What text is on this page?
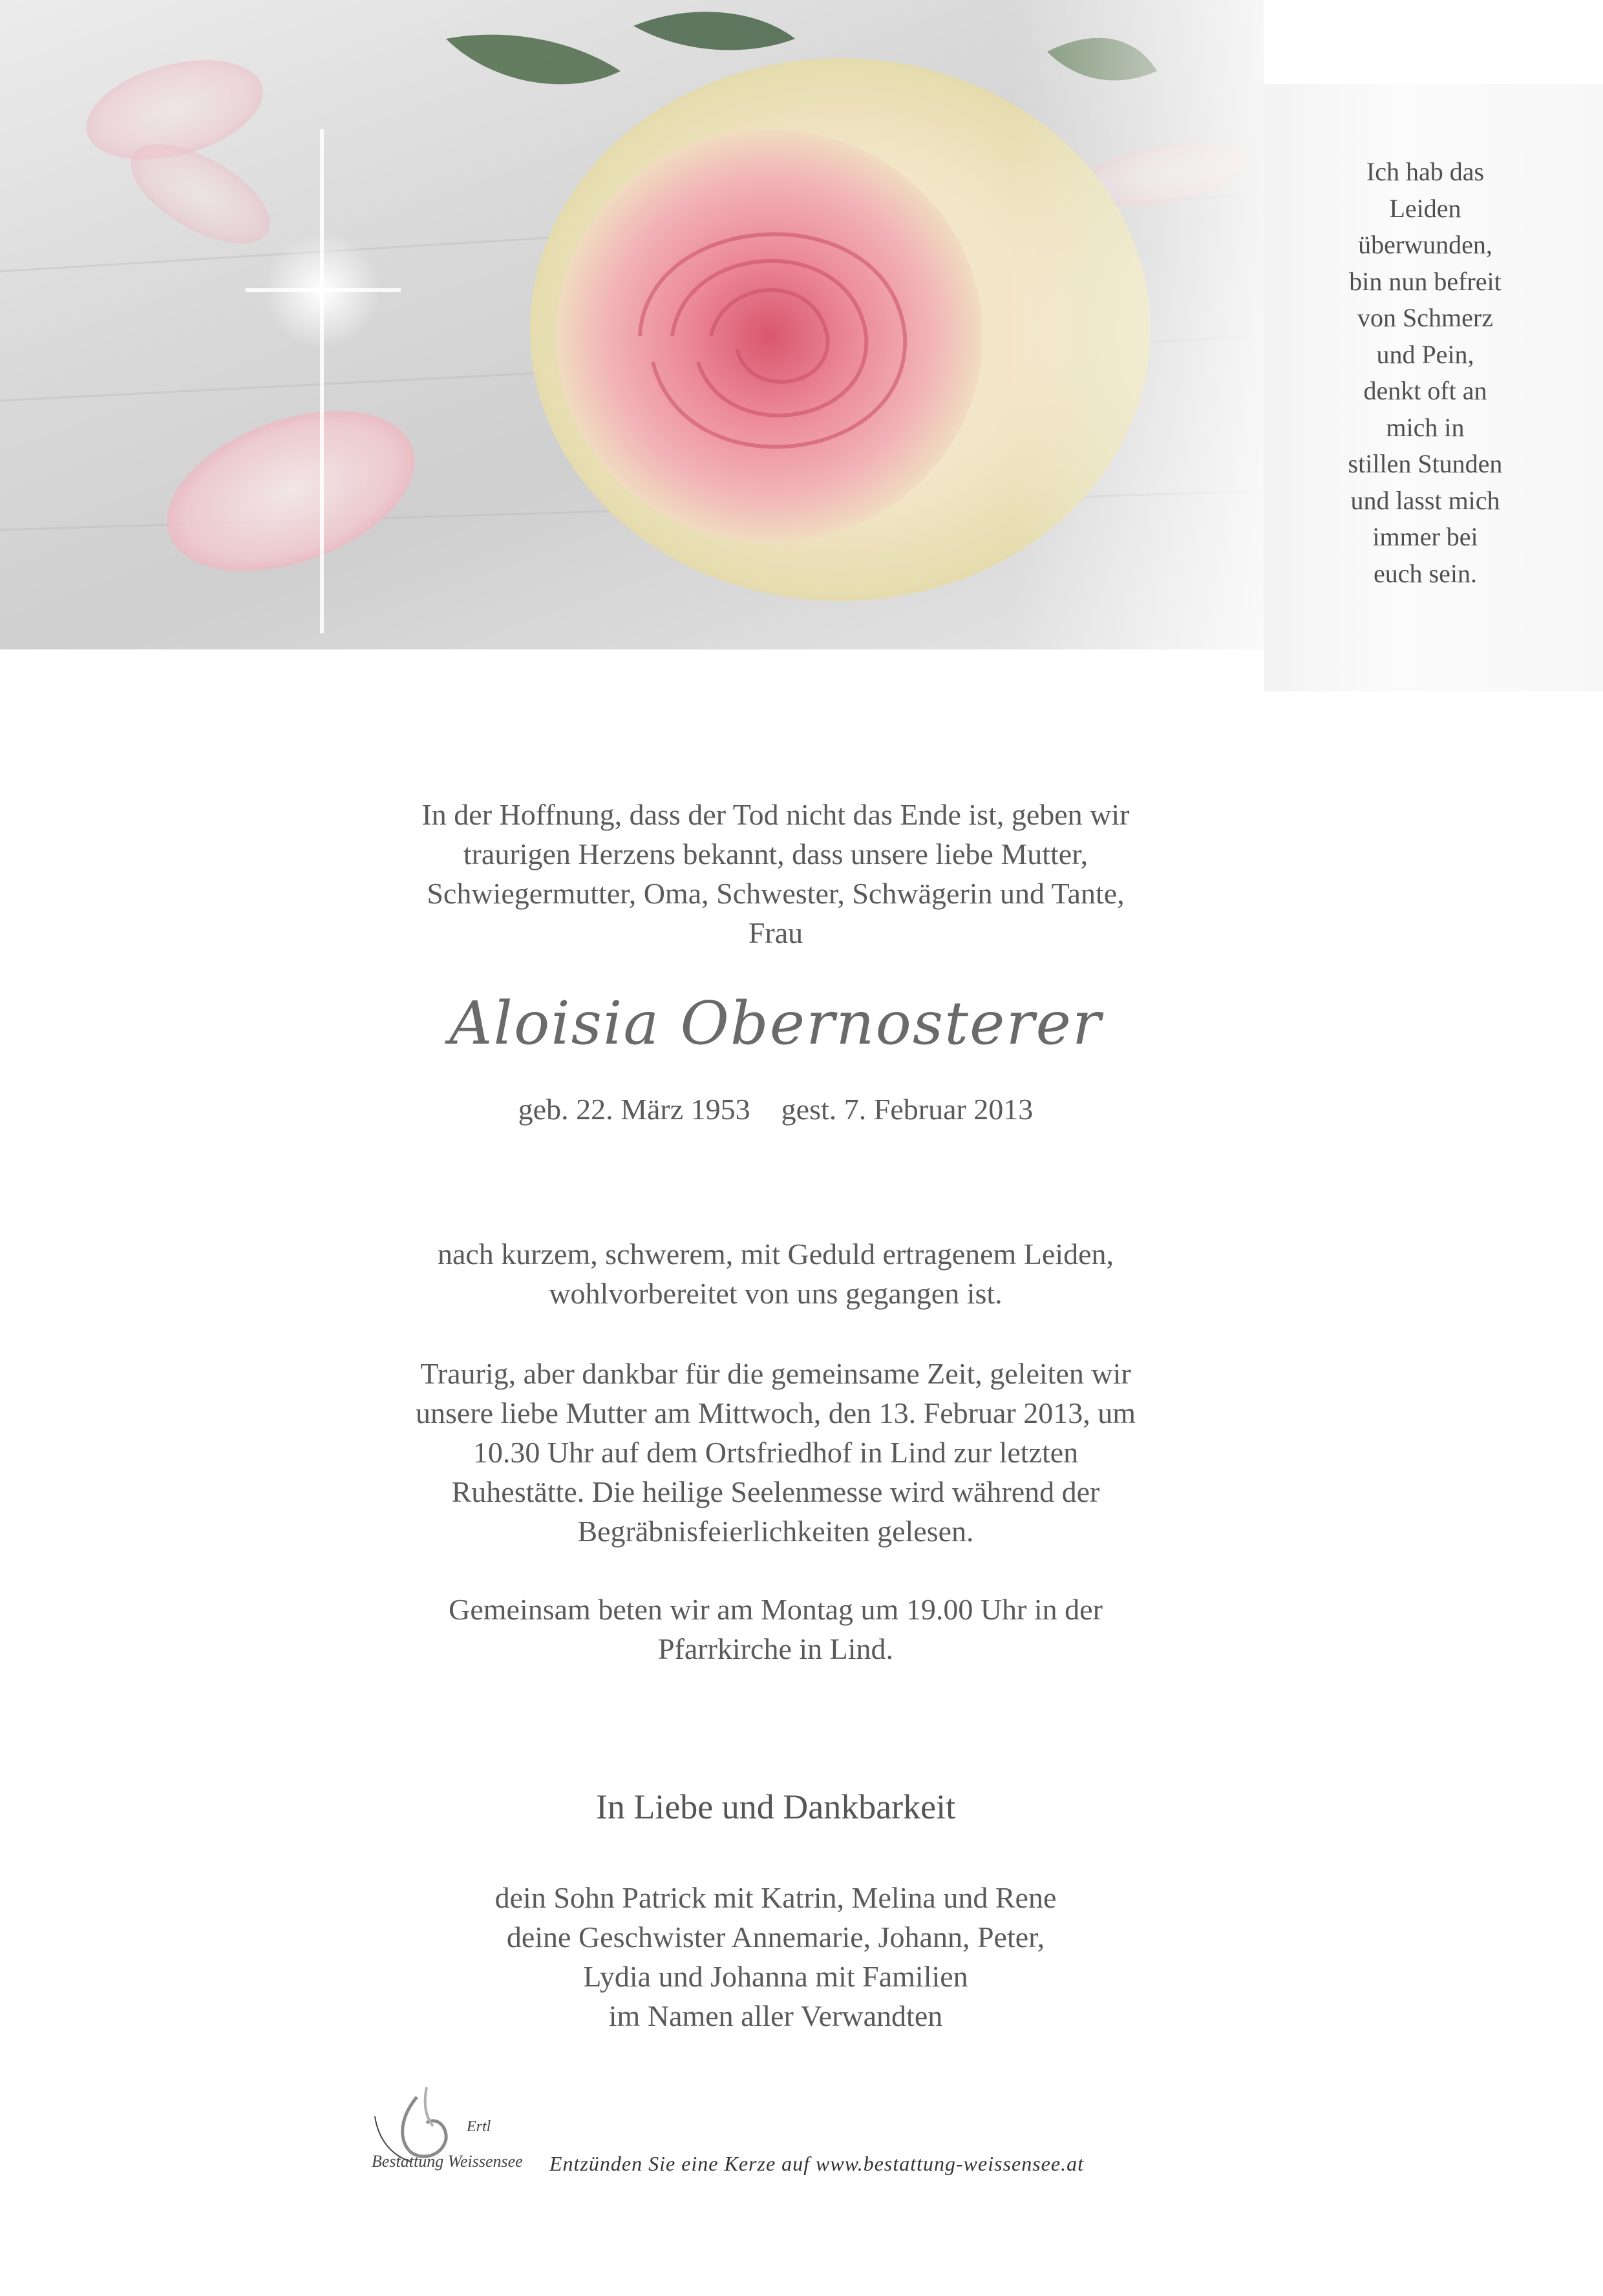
Ich hab das
Leiden
überwunden,
bin nun befreit
von Schmerz
und Pein,
denkt oft an
mich in
stillen Stunden
und lasst mich
immer bei
euch sein.
In der Hoffnung, dass der Tod nicht das Ende ist, geben wir
traurigen Herzens bekannt, dass unsere liebe Mutter,
Schwiegermutter, Oma, Schwester, Schwägerin und Tante,
Frau
Aloisia Obernosterer
geb. 22. März 1953 gest. 7. Februar 2013
nach kurzem, schwerem, mit Geduld ertragenem Leiden,
wohlvorbereitet von uns gegangen ist.
Traurig, aber dankbar für die gemeinsame Zeit, geleiten wir
unsere liebe Mutter am Mittwoch, den 13. Februar 2013, um
10.30 Uhr auf dem Ortsfriedhof in Lind zur letzten
Ruhestätte. Die heilige Seelenmesse wird während der
Begräbnisfeierlichkeiten gelesen.
Gemeinsam beten wir am Montag um 19.00 Uhr in der
Pfarrkirche in Lind.
In Liebe und Dankbarkeit
dein Sohn Patrick mit Katrin, Melina und Rene
deine Geschwister Annemarie, Johann, Peter,
Lydia und Johanna mit Familien
im Namen aller Verwandten
Ertl
Bestattung Weissensee Entzünden Sie eine Kerze auf www.bestattung-weissensee.at
